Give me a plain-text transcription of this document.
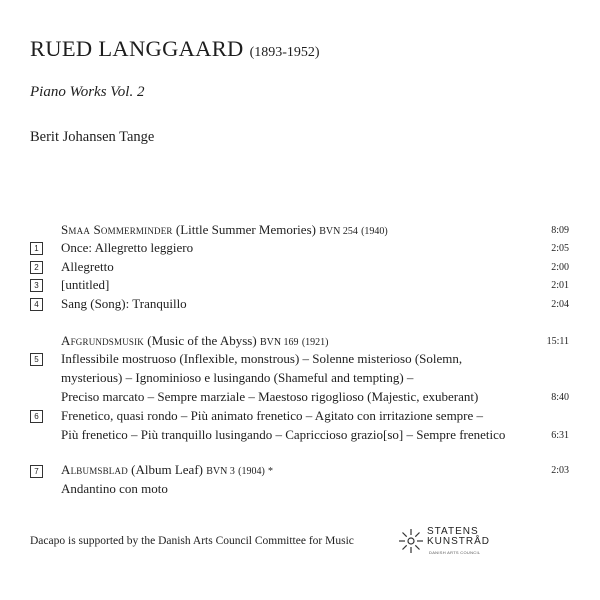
RUED LANGGAARD (1893-1952)
Piano Works Vol. 2
Berit Johansen Tange
Smaa Sommerminder (Little Summer Memories) BVN 254 (1940)	8:09
1	Once: Allegretto leggiero	2:05
2	Allegretto	2:00
3	[untitled]	2:01
4	Sang (Song): Tranquillo	2:04
Afgrundsmusik (Music of the Abyss) BVN 169 (1921)	15:11
5	Inflessibile mostruoso (Inflexible, monstrous) – Solenne misterioso (Solemn,
mysterious) – Ignominioso e lusingando (Shameful and tempting) –
Preciso marcato – Sempre marziale – Maestoso rigoglioso (Majestic, exuberant)	8:40
6	Frenetico, quasi rondo – Più animato frenetico – Agitato con irritazione sempre –
Più frenetico – Più tranquillo lusingando – Capriccioso grazio[so] – Sempre frenetico	6:31
7	Albumsblad (Album Leaf) BVN 3 (1904) *	2:03
Andantino con moto
Dacapo is supported by the Danish Arts Council Committee for Music
STATENS
KUNSTRÅD
DANISH ARTS COUNCIL
